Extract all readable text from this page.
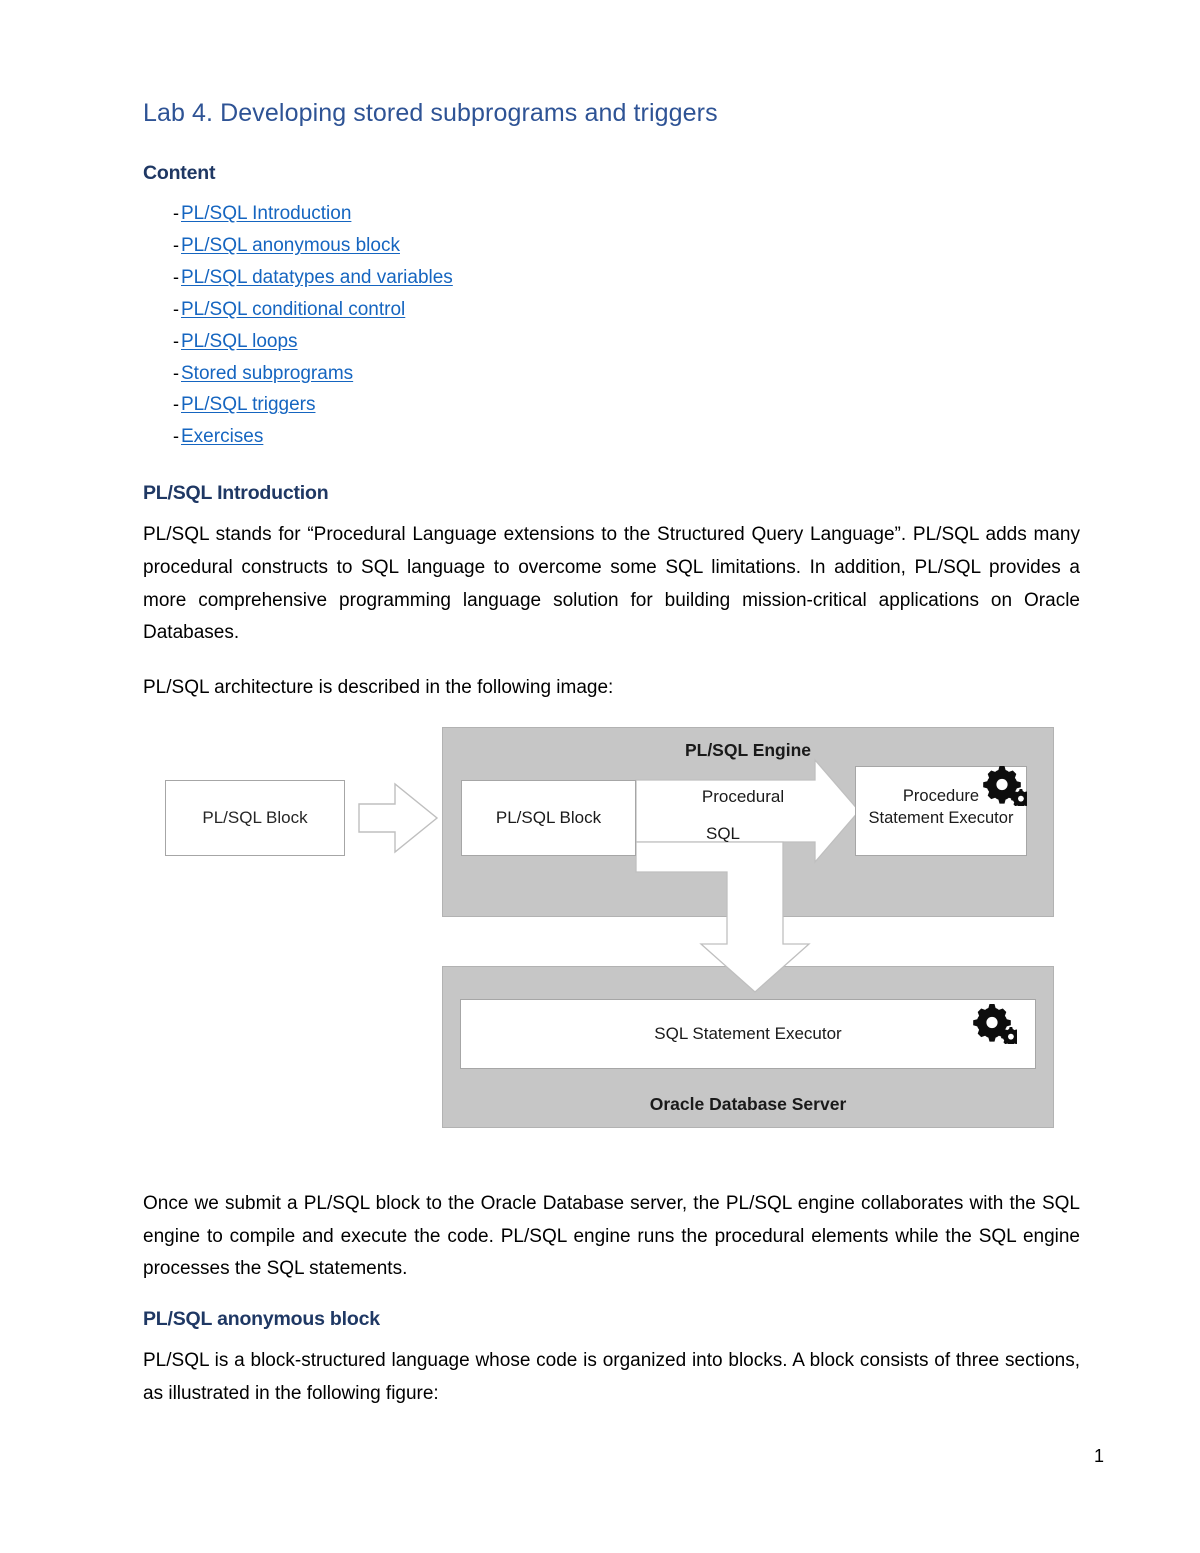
Lab 4. Developing stored subprograms and triggers
Content
- PL/SQL Introduction
- PL/SQL anonymous block
- PL/SQL datatypes and variables
- PL/SQL conditional control
- PL/SQL loops
- Stored subprograms
- PL/SQL triggers
- Exercises
PL/SQL Introduction

PL/SQL stands for “Procedural Language extensions to the Structured Query Language”. PL/SQL adds many procedural constructs to SQL language to overcome some SQL limitations. In addition, PL/SQL provides a more comprehensive programming language solution for building mission-critical applications on Oracle Databases.

PL/SQL architecture is described in the following image:

PL/SQL Block
PL/SQL Engine
PL/SQL Block
Procedural
SQL
Procedure
Statement Executor
SQL Statement Executor
Oracle Database Server

Once we submit a PL/SQL block to the Oracle Database server, the PL/SQL engine collaborates with the SQL engine to compile and execute the code. PL/SQL engine runs the procedural elements while the SQL engine processes the SQL statements.

PL/SQL anonymous block

PL/SQL is a block-structured language whose code is organized into blocks. A block consists of three sections, as illustrated in the following figure:

1
